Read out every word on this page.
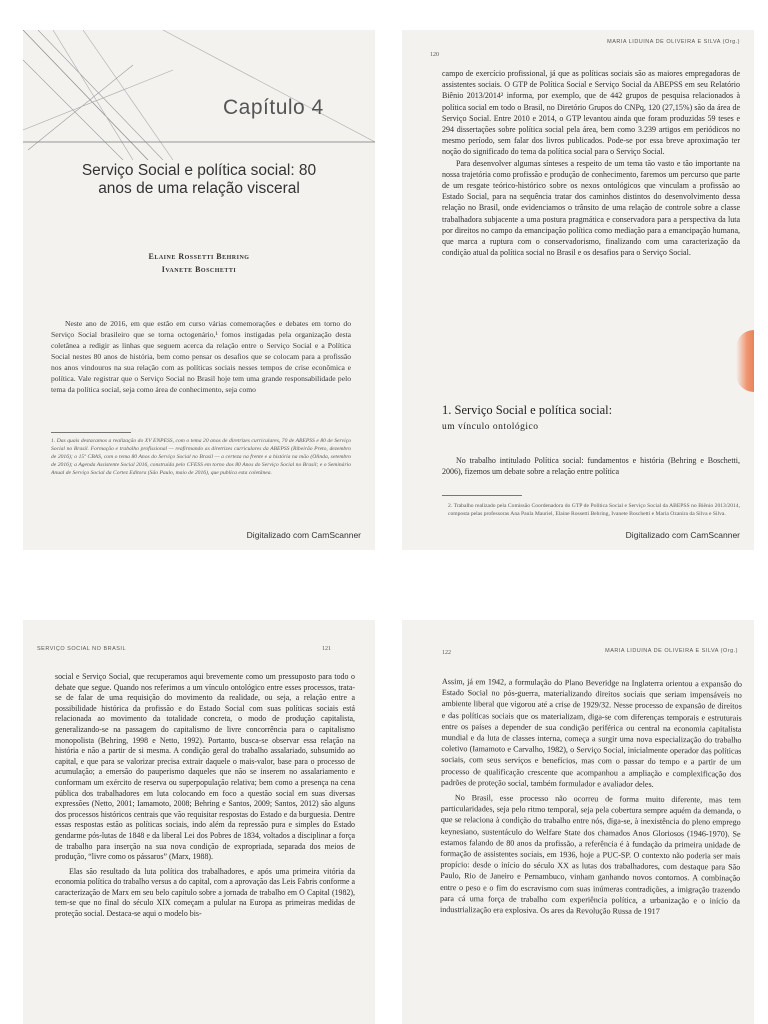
Capítulo 4
Serviço Social e política social: 80
anos de uma relação visceral
Elaine Rossetti Behring
Ivanete Boschetti

Neste ano de 2016, em que estão em curso várias comemorações e debates em torno do Serviço Social brasileiro que se torna octogenário,¹ fomos instigadas pela organização desta coletânea a redigir as linhas que seguem acerca da relação entre o Serviço Social e a Política Social nestes 80 anos de história, bem como pensar os desafios que se colocam para a profissão nos anos vindouros na sua relação com as políticas sociais nesses tempos de crise econômica e política. Vale registrar que o Serviço Social no Brasil hoje tem uma grande responsabilidade pelo tema da política social, seja como área de conhecimento, seja como

1. Das quais destacamos a realização do XV ENPESS, com o tema 20 anos de diretrizes curriculares, 70 de ABEPSS e 80 de Serviço Social no Brasil. Formação e trabalho profissional — reafirmando as diretrizes curriculares da ABEPSS (Ribeirão Preto, dezembro de 2016); o 15º CBAS, com o tema 80 Anos do Serviço Social no Brasil — a certeza na frente e a história na mão (Olinda, setembro de 2016); a Agenda Assistente Social 2016, construída pelo CFESS em torno dos 80 Anos do Serviço Social no Brasil; e o Seminário Anual de Serviço Social da Cortez Editora (São Paulo, maio de 2016), que publica esta coletânea.
Digitalizado com CamScanner
MARIA LIDUINA DE OLIVEIRA E SILVA (Org.)
120

campo de exercício profissional, já que as políticas sociais são as maiores empregadoras de assistentes sociais. O GTP de Política Social e Serviço Social da ABEPSS em seu Relatório Biênio 2013/2014² informa, por exemplo, que de 442 grupos de pesquisa relacionados à política social em todo o Brasil, no Diretório Grupos do CNPq, 120 (27,15%) são da área de Serviço Social. Entre 2010 e 2014, o GTP levantou ainda que foram produzidas 59 teses e 294 dissertações sobre política social pela área, bem como 3.239 artigos em periódicos no mesmo período, sem falar dos livros publicados. Pode-se por essa breve aproximação ter noção do significado do tema da política social para o Serviço Social.

Para desenvolver algumas sínteses a respeito de um tema tão vasto e tão importante na nossa trajetória como profissão e produção de conhecimento, faremos um percurso que parte de um resgate teórico-histórico sobre os nexos ontológicos que vinculam a profissão ao Estado Social, para na sequência tratar dos caminhos distintos do desenvolvimento dessa relação no Brasil, onde evidenciamos o trânsito de uma relação de controle sobre a classe trabalhadora subjacente a uma postura pragmática e conservadora para a perspectiva da luta por direitos no campo da emancipação política como mediação para a emancipação humana, que marca a ruptura com o conservadorismo, finalizando com uma caracterização da condição atual da política social no Brasil e os desafios para o Serviço Social.

1. Serviço Social e política social:
um vínculo ontológico
No trabalho intitulado Política social: fundamentos e história (Behring e Boschetti, 2006), fizemos um debate sobre a relação entre política
2. Trabalho realizado pela Comissão Coordenadora do GTP de Política Social e Serviço Social da ABEPSS no Biênio 2013/2014, composta pelas professoras Ana Paula Mauriel, Elaine Rossetti Behring, Ivanete Boschetti e Maria Ozanira da Silva e Silva.
Digitalizado com CamScanner
SERVIÇO SOCIAL NO BRASIL	121

social e Serviço Social, que recuperamos aqui brevemente como um pressuposto para todo o debate que segue. Quando nos referimos a um vínculo ontológico entre esses processos, trata-se de falar de uma requisição do movimento da realidade, ou seja, a relação entre a possibilidade histórica da profissão e do Estado Social com suas políticas sociais está relacionada ao movimento da totalidade concreta, o modo de produção capitalista, generalizando-se na passagem do capitalismo de livre concorrência para o capitalismo monopolista (Behring, 1998 e Netto, 1992). Portanto, busca-se observar essa relação na história e não a partir de si mesma. A condição geral do trabalho assalariado, subsumido ao capital, e que para se valorizar precisa extrair daquele o mais-valor, base para o processo de acumulação; a emersão do pauperismo daqueles que não se inserem no assalariamento e conformam um exército de reserva ou superpopulação relativa; bem como a presença na cena pública dos trabalhadores em luta colocando em foco a questão social em suas diversas expressões (Netto, 2001; Iamamoto, 2008; Behring e Santos, 2009; Santos, 2012) são alguns dos processos históricos centrais que vão requisitar respostas do Estado e da burguesia. Dentre essas respostas estão as políticas sociais, indo além da repressão pura e simples do Estado gendarme pós-lutas de 1848 e da liberal Lei dos Pobres de 1834, voltados a disciplinar a força de trabalho para inserção na sua nova condição de expropriada, separada dos meios de produção, “livre como os pássaros” (Marx, 1988).

Elas são resultado da luta política dos trabalhadores, e após uma primeira vitória da economia política do trabalho versus a do capital, com a aprovação das Leis Fabris conforme a caracterização de Marx em seu belo capítulo sobre a jornada de trabalho em O Capital (1982), tem-se que no final do século XIX começam a pulular na Europa as primeiras medidas de proteção social. Destaca-se aqui o modelo bis-

122	MARIA LIDUINA DE OLIVEIRA E SILVA (Org.)

Assim, já em 1942, a formulação do Plano Beveridge na Inglaterra orientou a expansão do Estado Social no pós-guerra, materializando direitos sociais que seriam impensáveis no ambiente liberal que vigorou até a crise de 1929/32. Nesse processo de expansão de direitos e das políticas sociais que os materializam, diga-se com diferenças temporais e estruturais entre os países a depender de sua condição periférica ou central na economia capitalista mundial e da luta de classes interna, começa a surgir uma nova especialização do trabalho coletivo (Iamamoto e Carvalho, 1982), o Serviço Social, inicialmente operador das políticas sociais, com seus serviços e benefícios, mas com o passar do tempo e a partir de um processo de qualificação crescente que acompanhou a ampliação e complexificação dos padrões de proteção social, também formulador e avaliador deles.

No Brasil, esse processo não ocorreu de forma muito diferente, mas tem particularidades, seja pelo ritmo temporal, seja pela cobertura sempre aquém da demanda, o que se relaciona à condição do trabalho entre nós, diga-se, à inexistência do pleno emprego keynesiano, sustentáculo do Welfare State dos chamados Anos Gloriosos (1946-1970). Se estamos falando de 80 anos da profissão, a referência é à fundação da primeira unidade de formação de assistentes sociais, em 1936, hoje a PUC-SP. O contexto não poderia ser mais propício: desde o início do século XX as lutas dos trabalhadores, com destaque para São Paulo, Rio de Janeiro e Pernambuco, vinham ganhando novos contornos. A combinação entre o peso e o fim do escravismo com suas inúmeras contradições, a imigração trazendo para cá uma força de trabalho com experiência política, a urbanização e o início da industrialização era explosiva. Os ares da Revolução Russa de 1917
